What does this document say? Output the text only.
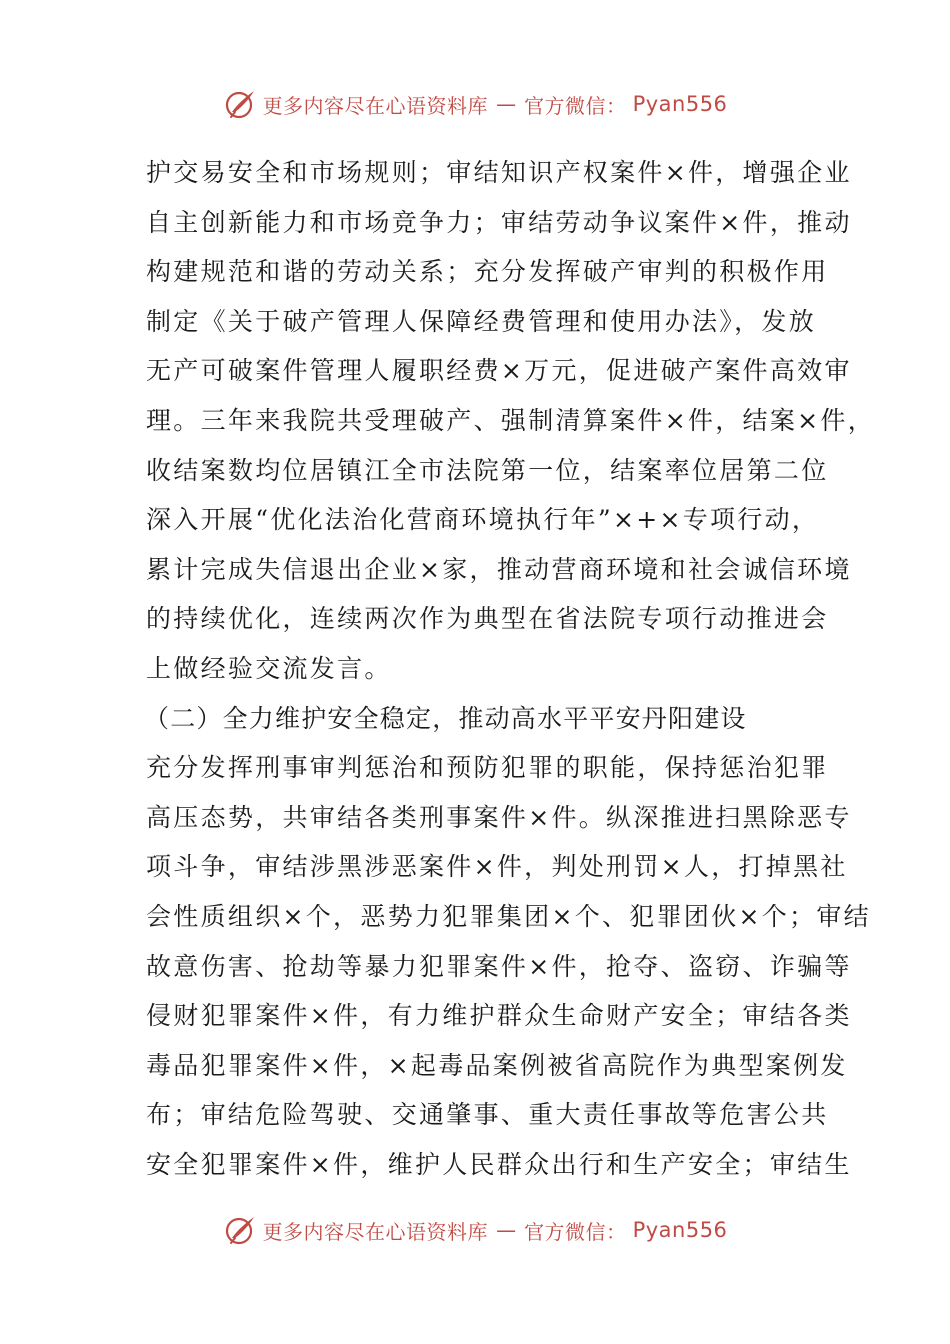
更多内容尽在心语资料库 — 官方微信： Pyan556
护交易安全和市场规则；审结知识产权案件×件，增强企业
自主创新能力和市场竞争力；审结劳动争议案件×件，推动
构建规范和谐的劳动关系；充分发挥破产审判的积极作用
制定《关于破产管理人保障经费管理和使用办法》，发放
无产可破案件管理人履职经费×万元，促进破产案件高效审
理。三年来我院共受理破产、强制清算案件×件，结案×件，
收结案数均位居镇江全市法院第一位，结案率位居第二位
深入开展“优化法治化营商环境执行年”×+×专项行动，
累计完成失信退出企业×家，推动营商环境和社会诚信环境
的持续优化，连续两次作为典型在省法院专项行动推进会
上做经验交流发言。
（二）全力维护安全稳定，推动高水平平安丹阳建设
充分发挥刑事审判惩治和预防犯罪的职能，保持惩治犯罪
高压态势，共审结各类刑事案件×件。纵深推进扫黑除恶专
项斗争，审结涉黑涉恶案件×件，判处刑罚×人，打掉黑社
会性质组织×个，恶势力犯罪集团×个、犯罪团伙×个；审结
故意伤害、抢劫等暴力犯罪案件×件，抢夺、盗窃、诈骗等
侵财犯罪案件×件，有力维护群众生命财产安全；审结各类
毒品犯罪案件×件，×起毒品案例被省高院作为典型案例发
布；审结危险驾驶、交通肇事、重大责任事故等危害公共
安全犯罪案件×件，维护人民群众出行和生产安全；审结生
更多内容尽在心语资料库 — 官方微信： Pyan556
